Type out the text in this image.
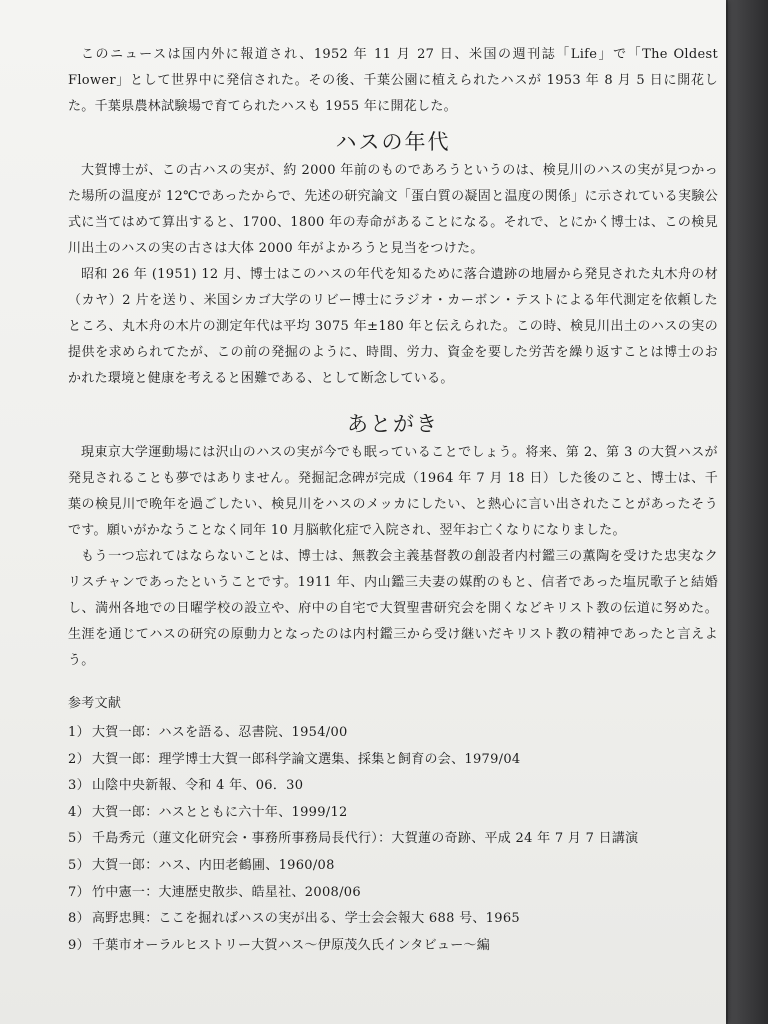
このニュースは国内外に報道され、1952 年 11 月 27 日、米国の週刊誌「Life」で「The Oldest Flower」として世界中に発信された。その後、千葉公園に植えられたハスが 1953 年 8 月 5 日に開花した。千葉県農林試験場で育てられたハスも 1955 年に開花した。

ハスの年代

大賀博士が、この古ハスの実が、約 2000 年前のものであろうというのは、検見川のハスの実が見つかった場所の温度が 12℃であったからで、先述の研究論文「蛋白質の凝固と温度の関係」に示されている実験公式に当てはめて算出すると、1700、1800 年の寿命があることになる。それで、とにかく博士は、この検見川出土のハスの実の古さは大体 2000 年がよかろうと見当をつけた。

昭和 26 年 (1951) 12 月、博士はこのハスの年代を知るために落合遺跡の地層から発見された丸木舟の材（カヤ）2 片を送り、米国シカゴ大学のリビー博士にラジオ・カーボン・テストによる年代測定を依頼したところ、丸木舟の木片の測定年代は平均 3075 年±180 年と伝えられた。この時、検見川出土のハスの実の提供を求められてたが、この前の発掘のように、時間、労力、資金を要した労苦を繰り返すことは博士のおかれた環境と健康を考えると困難である、として断念している。

あとがき

現東京大学運動場には沢山のハスの実が今でも眠っていることでしょう。将来、第 2、第 3 の大賀ハスが発見されることも夢ではありません。発掘記念碑が完成（1964 年 7 月 18 日）した後のこと、博士は、千葉の検見川で晩年を過ごしたい、検見川をハスのメッカにしたい、と熱心に言い出されたことがあったそうです。願いがかなうことなく同年 10 月脳軟化症で入院され、翌年お亡くなりになりました。

もう一つ忘れてはならないことは、博士は、無教会主義基督教の創設者内村鑑三の薫陶を受けた忠実なクリスチャンであったということです。1911 年、内山鑑三夫妻の媒酌のもと、信者であった塩尻歌子と結婚し、満州各地での日曜学校の設立や、府中の自宅で大賀聖書研究会を開くなどキリスト教の伝道に努めた。生涯を通じてハスの研究の原動力となったのは内村鑑三から受け継いだキリスト教の精神であったと言えよう。

参考文献
1） 大賀一郎：ハスを語る、忍書院、1954/00
2） 大賀一郎：理学博士大賀一郎科学論文選集、採集と飼育の会、1979/04
3） 山陰中央新報、令和 4 年、06．30
4） 大賀一郎：ハスとともに六十年、1999/12
5） 千島秀元（蓮文化研究会・事務所事務局長代行）：大賀蓮の奇跡、平成 24 年 7 月 7 日講演
5） 大賀一郎：ハス、内田老鶴圃、1960/08
7） 竹中憲一：大連歴史散歩、皓星社、2008/06
8） 高野忠興：ここを掘ればハスの実が出る、学士会会報大 688 号、1965
9） 千葉市オーラルヒストリー大賀ハス〜伊原茂久氏インタビュー〜編
